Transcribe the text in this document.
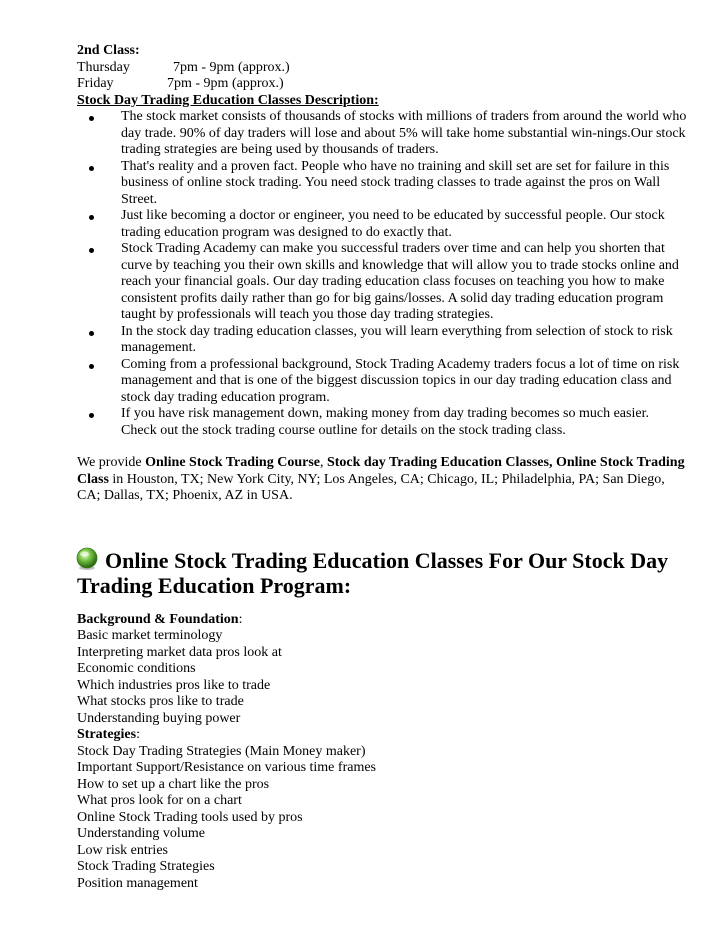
2nd Class:
Thursday	7pm - 9pm (approx.)
Friday	7pm - 9pm (approx.)
Stock Day Trading Education Classes Description:
The stock market consists of thousands of stocks with millions of traders from around the world who day trade. 90% of day traders will lose and about 5% will take home substantial win-nings.Our stock trading strategies are being used by thousands of traders.
That's reality and a proven fact. People who have no training and skill set are set for failure in this business of online stock trading. You need stock trading classes to trade against the pros on Wall Street.
Just like becoming a doctor or engineer, you need to be educated by successful people. Our stock trading education program was designed to do exactly that.
Stock Trading Academy can make you successful traders over time and can help you shorten that curve by teaching you their own skills and knowledge that will allow you to trade stocks online and reach your financial goals. Our day trading education class focuses on teaching you how to make consistent profits daily rather than go for big gains/losses. A solid day trading education program taught by professionals will teach you those day trading strategies.
In the stock day trading education classes, you will learn everything from selection of stock to risk management.
Coming from a professional background, Stock Trading Academy traders focus a lot of time on risk management and that is one of the biggest discussion topics in our day trading education class and stock day trading education program.
If you have risk management down, making money from day trading becomes so much easier. Check out the stock trading course outline for details on the stock trading class.
We provide Online Stock Trading Course, Stock day Trading Education Classes, Online Stock Trading Class in Houston, TX; New York City, NY; Los Angeles, CA; Chicago, IL; Philadelphia, PA; San Diego, CA; Dallas, TX; Phoenix, AZ in USA.
Online Stock Trading Education Classes For Our Stock Day Trading Education Program:
Background & Foundation:
Basic market terminology
Interpreting market data pros look at
Economic conditions
Which industries pros like to trade
What stocks pros like to trade
Understanding buying power
Strategies:
Stock Day Trading Strategies (Main Money maker)
Important Support/Resistance on various time frames
How to set up a chart like the pros
What pros look for on a chart
Online Stock Trading tools used by pros
Understanding volume
Low risk entries
Stock Trading Strategies
Position management
